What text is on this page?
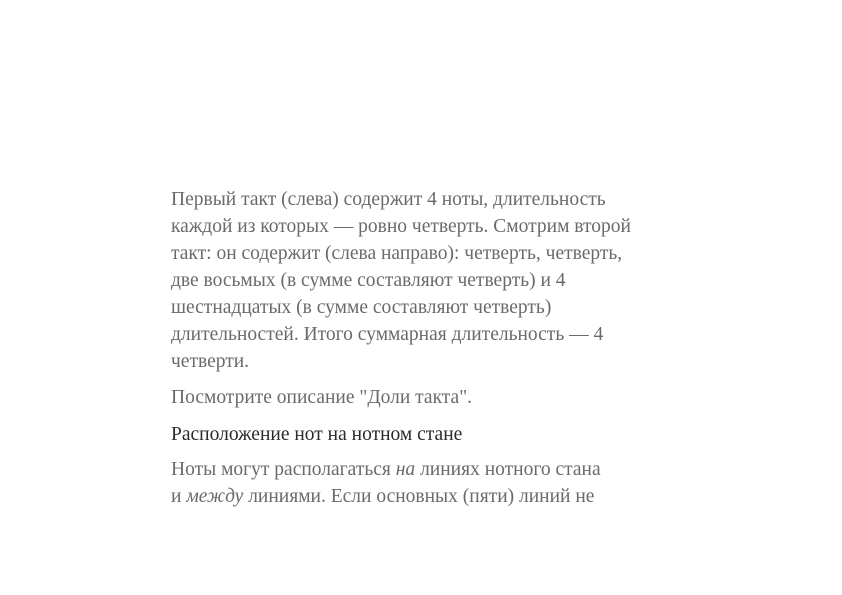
Первый такт (слева) содержит 4 ноты, длительность
каждой из которых — ровно четверть. Смотрим второй
такт: он содержит (слева направо): четверть, четверть,
две восьмых (в сумме составляют четверть) и 4
шестнадцатых (в сумме составляют четверть)
длительностей. Итого суммарная длительность — 4
четверти.

Посмотрите описание "Доли такта".

Расположение нот на нотном стане

Ноты могут располагаться на линиях нотного стана
и между линиями. Если основных (пяти) линий не
